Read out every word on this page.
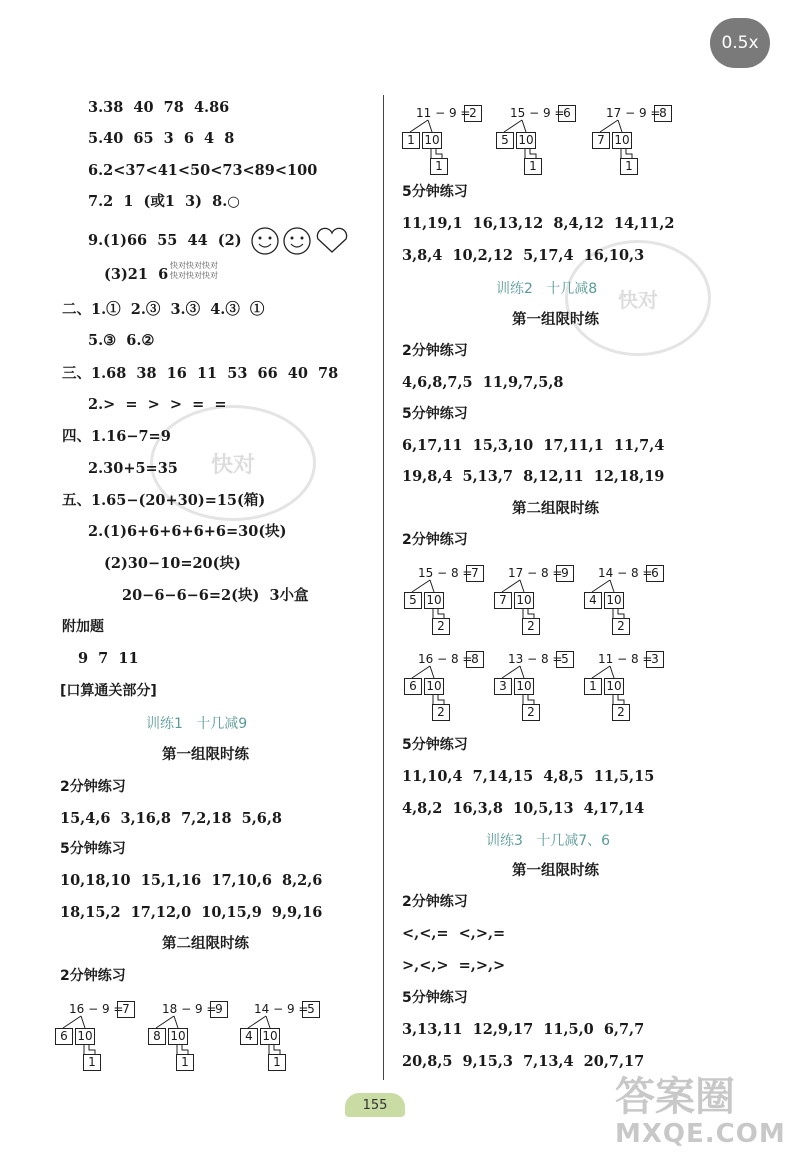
0.5x
快对
快对
3.38  40  78  4.86
5.40  65  3  6  4  8
6.2<37<41<50<73<89<100
7.2  1  (或1  3)  8.○
9.(1)66  55  44  (2)
快对快对快对
快对快对快对
(3)21  6
二、1.①  2.③  3.③  4.③  ①
5.③  6.②
三、1.68  38  16  11  53  66  40  78
2.>  =  >  >  =  =
四、1.16−7=9
2.30+5=35
五、1.65−(20+30)=15(箱)
2.(1)6+6+6+6+6=30(块)
(2)30−10=20(块)
20−6−6−6=2(块)  3小盒
附加题
9  7  11
[口算通关部分]
训练1   十几减9
第一组限时练
2分钟练习
15,4,6  3,16,8  7,2,18  5,6,8
5分钟练习
10,18,10  15,1,16  17,10,6  8,2,6
18,15,2  17,12,0  10,15,9  9,9,16
第二组限时练
2分钟练习
5分钟练习
11,19,1  16,13,12  8,4,12  14,11,2
3,8,4  10,2,12  5,17,4  16,10,3
训练2   十几减8
第一组限时练
2分钟练习
4,6,8,7,5  11,9,7,5,8
5分钟练习
6,17,11  15,3,10  17,11,1  11,7,4
19,8,4  5,13,7  8,12,11  12,18,19
第二组限时练
2分钟练习
5分钟练习
11,10,4  7,14,15  4,8,5  11,5,15
4,8,2  16,3,8  10,5,13  4,17,14
训练3   十几减7、6
第一组限时练
2分钟练习
<,<,=  <,>,=
>,<,>  =,>,>
5分钟练习
3,13,11  12,9,17  11,5,0  6,7,7
20,8,5  9,15,3  7,13,4  20,7,17
16 − 9 =
7
6 10
1
18 − 9 =
9
8 10
1
14 − 9 =
5
4 10
1
11 − 9 =
2
1 10
1
15 − 9 =
6
5 10
1
17 − 9 =
8
7 10
1
15 − 8 =
7
5 10
2
17 − 8 =
9
7 10
2
14 − 8 =
6
4 10
2
16 − 8 =
8
6 10
2
13 − 8 =
5
3 10
2
11 − 8 =
3
1 10
2
155	答案圈
MXQE.COM
